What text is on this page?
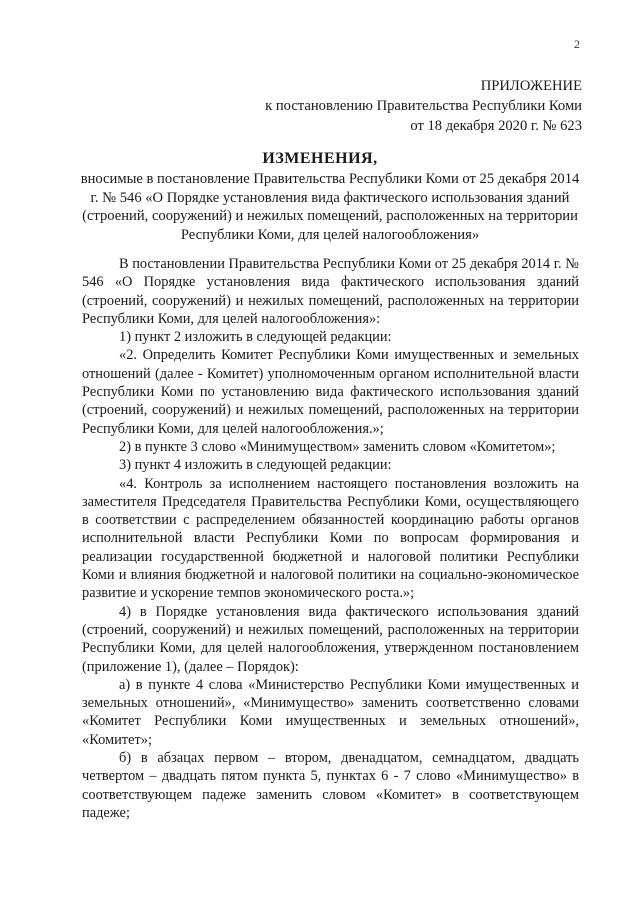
2
ПРИЛОЖЕНИЕ
к постановлению Правительства Республики Коми
от 18 декабря 2020 г. № 623
ИЗМЕНЕНИЯ,
вносимые в постановление Правительства Республики Коми от 25 декабря 2014 г. № 546 «О Порядке установления вида фактического использования зданий (строений, сооружений) и нежилых помещений, расположенных на территории Республики Коми, для целей налогообложения»

В постановлении Правительства Республики Коми от 25 декабря 2014 г. № 546 «О Порядке установления вида фактического использования зданий (строений, сооружений) и нежилых помещений, расположенных на территории Республики Коми, для целей налогообложения»:

1) пункт 2 изложить в следующей редакции:

«2. Определить Комитет Республики Коми имущественных и земельных отношений (далее - Комитет) уполномоченным органом исполнительной власти Республики Коми по установлению вида фактического использования зданий (строений, сооружений) и нежилых помещений, расположенных на территории Республики Коми, для целей налогообложения.»;

2) в пункте 3 слово «Минимуществом» заменить словом «Комитетом»;

3) пункт 4 изложить в следующей редакции:

«4. Контроль за исполнением настоящего постановления возложить на заместителя Председателя Правительства Республики Коми, осуществляющего в соответствии с распределением обязанностей координацию работы органов исполнительной власти Республики Коми по вопросам формирования и реализации государственной бюджетной и налоговой политики Республики Коми и влияния бюджетной и налоговой политики на социально-экономическое развитие и ускорение темпов экономического роста.»;

4) в Порядке установления вида фактического использования зданий (строений, сооружений) и нежилых помещений, расположенных на территории Республики Коми, для целей налогообложения, утвержденном постановлением (приложение 1), (далее – Порядок):

а) в пункте 4 слова «Министерство Республики Коми имущественных и земельных отношений», «Минимущество» заменить соответственно словами «Комитет Республики Коми имущественных и земельных отношений», «Комитет»;

б) в абзацах первом – втором, двенадцатом, семнадцатом, двадцать четвертом – двадцать пятом пункта 5, пунктах 6 - 7 слово «Минимущество» в соответствующем падеже заменить словом «Комитет» в соответствующем падеже;
